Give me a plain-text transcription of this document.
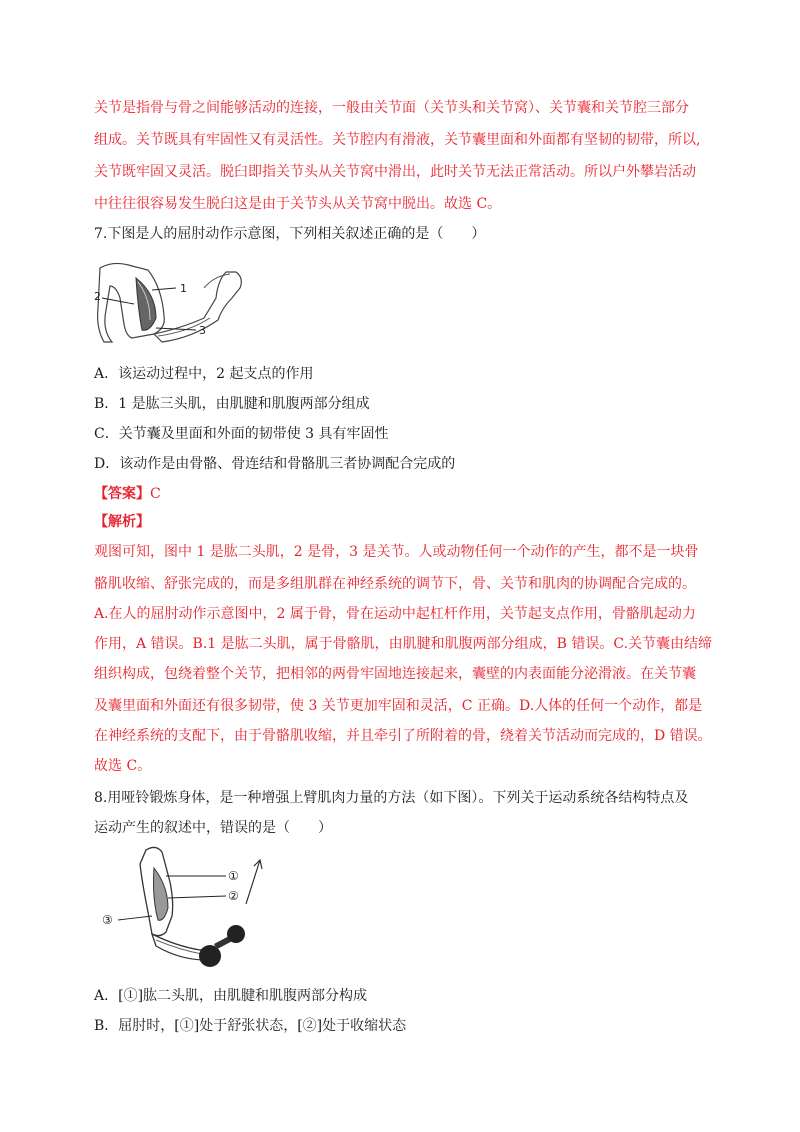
关节是指骨与骨之间能够活动的连接，一般由关节面（关节头和关节窝）、关节囊和关节腔三部分
组成。关节既具有牢固性又有灵活性。关节腔内有滑液，关节囊里面和外面都有坚韧的韧带，所以,
关节既牢固又灵活。脱臼即指关节头从关节窝中滑出，此时关节无法正常活动。所以户外攀岩活动
中往往很容易发生脱臼这是由于关节头从关节窝中脱出。故选 C。
7.下图是人的屈肘动作示意图，下列相关叙述正确的是（　　）
1
2
3
A．该运动过程中，2 起支点的作用
B．1 是肱三头肌，由肌腱和肌腹两部分组成
C．关节囊及里面和外面的韧带使 3 具有牢固性
D．该动作是由骨骼、骨连结和骨骼肌三者协调配合完成的
【答案】C
【解析】
观图可知，图中 1 是肱二头肌，2 是骨，3 是关节。人或动物任何一个动作的产生，都不是一块骨
骼肌收缩、舒张完成的，而是多组肌群在神经系统的调节下，骨、关节和肌肉的协调配合完成的。
A.在人的屈肘动作示意图中，2 属于骨，骨在运动中起杠杆作用，关节起支点作用，骨骼肌起动力
作用，A 错误。B.1 是肱二头肌，属于骨骼肌，由肌腱和肌腹两部分组成，B 错误。C.关节囊由结缔
组织构成，包绕着整个关节，把相邻的两骨牢固地连接起来，囊壁的内表面能分泌滑液。在关节囊
及囊里面和外面还有很多韧带，使 3 关节更加牢固和灵活，C 正确。D.人体的任何一个动作，都是
在神经系统的支配下，由于骨骼肌收缩，并且牵引了所附着的骨，绕着关节活动而完成的，D 错误。
故选 C。
8.用哑铃锻炼身体，是一种增强上臂肌肉力量的方法（如下图）。下列关于运动系统各结构特点及
运动产生的叙述中，错误的是（　　）
①
②
③
A．[①]肱二头肌，由肌腱和肌腹两部分构成
B．屈肘时，[①]处于舒张状态，[②]处于收缩状态
